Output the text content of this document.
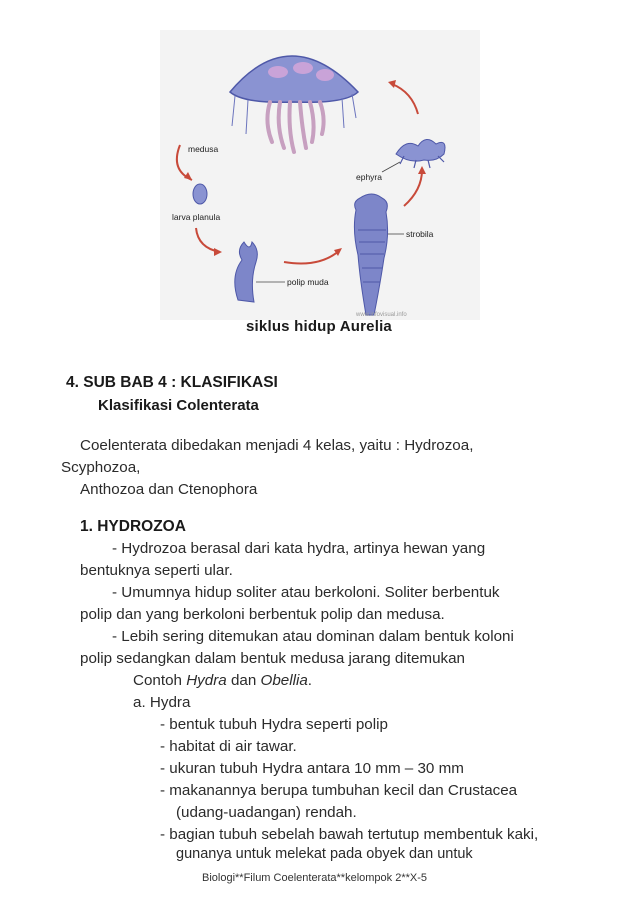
medusa
larva planula
polip muda
strobila
ephyra
www.infovisual.info
siklus hidup Aurelia
4. SUB BAB 4 : KLASIFIKASI
Klasifikasi Colenterata
Coelenterata dibedakan menjadi 4 kelas, yaitu : Hydrozoa,
Scyphozoa,
Anthozoa dan Ctenophora
1. HYDROZOA
- Hydrozoa berasal dari kata hydra, artinya hewan yang
bentuknya seperti ular.
- Umumnya hidup soliter atau berkoloni. Soliter berbentuk
polip dan yang berkoloni berbentuk polip dan medusa.
- Lebih sering ditemukan atau dominan dalam bentuk koloni
polip sedangkan dalam bentuk medusa jarang ditemukan
Contoh Hydra dan Obellia.
a. Hydra
- bentuk tubuh Hydra seperti polip
- habitat di air tawar.
- ukuran tubuh Hydra antara 10 mm – 30 mm
- makanannya berupa tumbuhan kecil dan Crustacea
(udang-uadangan) rendah.
- bagian tubuh sebelah bawah tertutup membentuk kaki,
gunanya untuk melekat pada obyek dan untuk
Biologi**Filum Coelenterata**kelompok 2**X-5
